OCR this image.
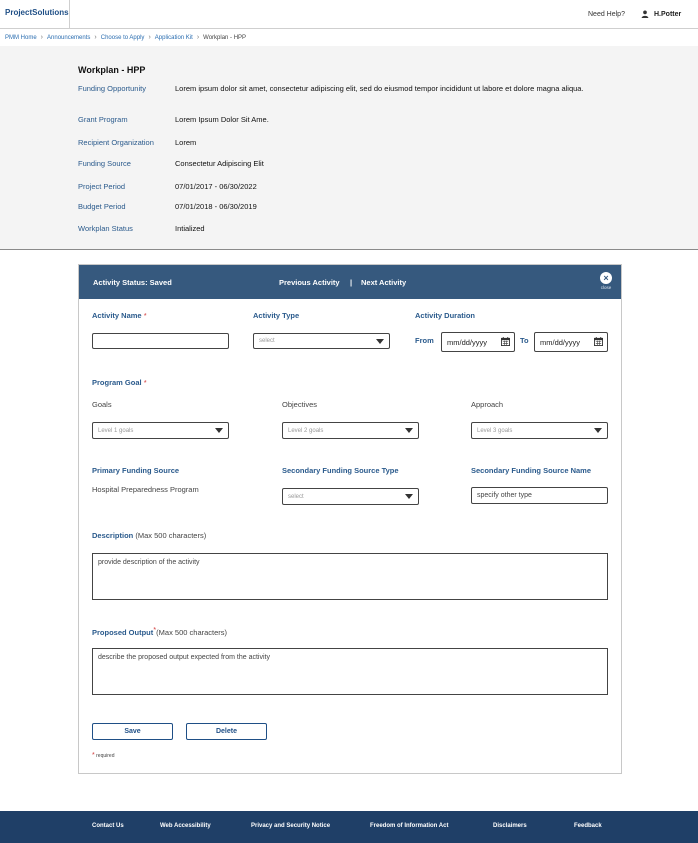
ProjectSolutions	Need Help?	H.Potter
PMM Home › Announcements › Choose to Apply › Application Kit › Workplan - HPP
Workplan - HPP
Funding Opportunity	Lorem ipsum dolor sit amet, consectetur adipiscing elit, sed do eiusmod tempor incididunt ut labore et dolore magna aliqua.
Grant Program	Lorem Ipsum Dolor Sit Ame.
Recipient Organization	Lorem
Funding Source	Consectetur Adipiscing Elit
Project Period	07/01/2017 - 06/30/2022
Budget Period	07/01/2018 - 06/30/2019
Workplan Status	Intialized
Activity Status: Saved	Previous Activity | Next Activity	×
close
Activity Name *	Activity Type
select
Activity Duration
From mm/dd/yyyy	To mm/dd/yyyy
Program Goal *
Goals
Level 1 goals
Objectives
Level 2 goals
Approach
Level 3 goals
Primary Funding Source
Hospital Preparedness Program
Secondary Funding Source Type
select
Secondary Funding Source Name
specify other type
Description (Max 500 characters)
provide description of the activity
Proposed Output*(Max 500 characters)
describe the proposed output expected from the activity
Save	Delete
* required
Contact Us	Web Accessibility	Privacy and Security Notice	Freedom of Information Act	Disclaimers	Feedback
